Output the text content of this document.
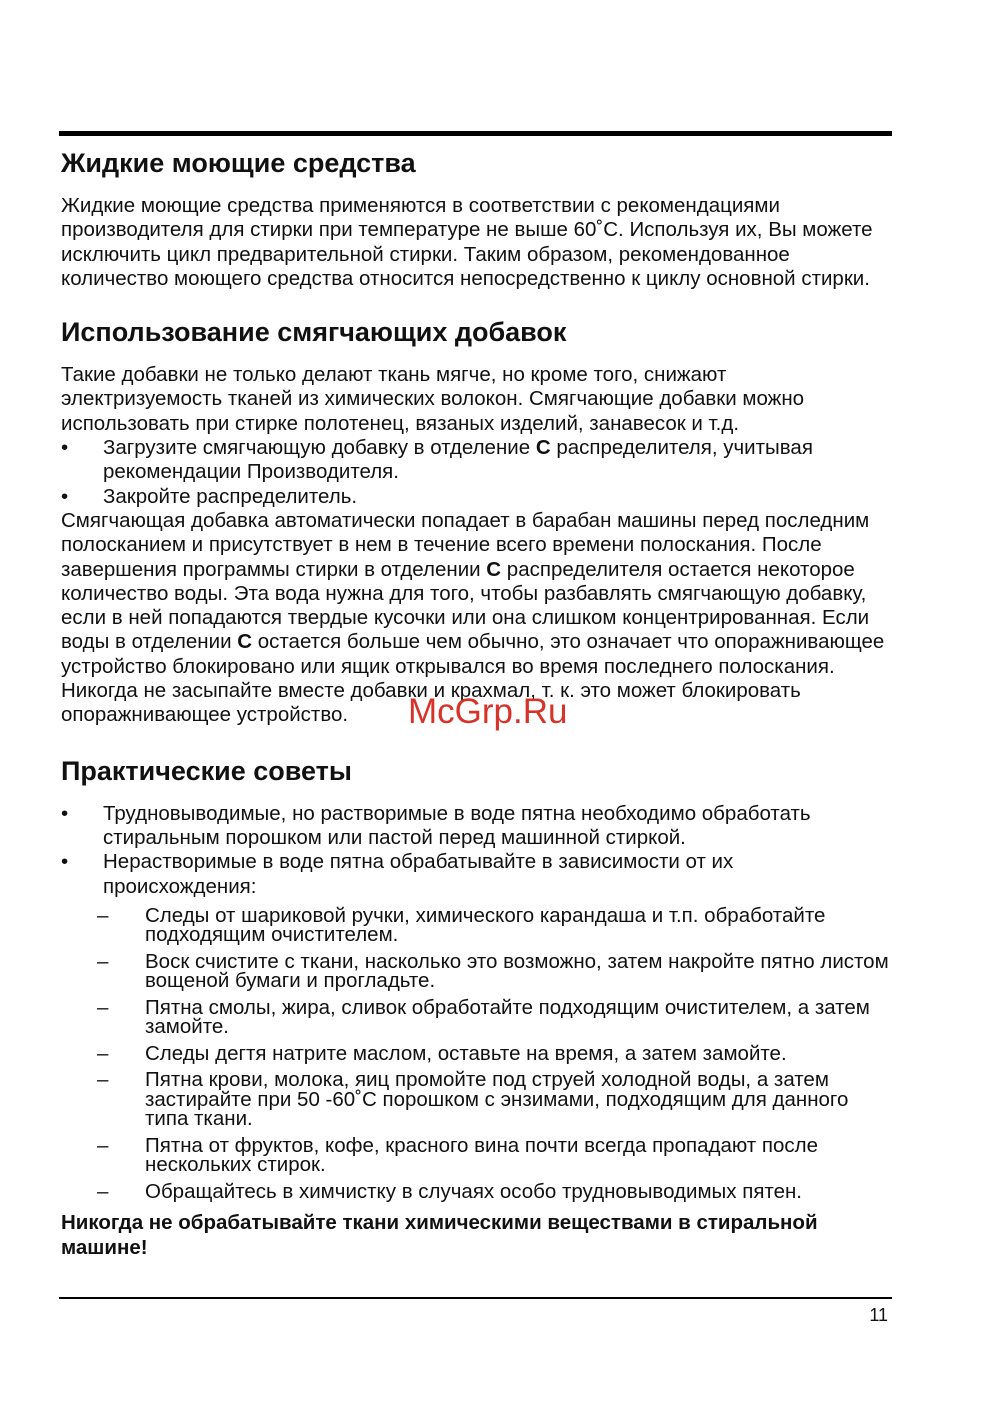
Жидкие моющие средства

Жидкие моющие средства применяются в соответствии с рекомендациями производителя для стирки при температуре не выше 60˚С. Используя их, Вы можете исключить цикл предварительной стирки. Таким образом, рекомендованное количество моющего средства относится непосредственно к циклу основной стирки.

Использование смягчающих добавок

Такие добавки не только делают ткань мягче, но кроме того, снижают электризуемость тканей из химических волокон. Смягчающие добавки можно использовать при стирке полотенец, вязаных изделий, занавесок и т.д.

•	Загрузите смягчающую добавку в отделение С распределителя, учитывая рекомендации Производителя.
•	Закройте распределитель.

Смягчающая добавка автоматически попадает в барабан машины перед последним полосканием и присутствует в нем в течение всего времени полоскания. После завершения программы стирки в отделении С распределителя остается некоторое количество воды. Эта вода нужна для того, чтобы разбавлять смягчающую добавку, если в ней попадаются твердые кусочки или она слишком концентрированная. Если воды в отделении С остается больше чем обычно, это означает что опоражнивающее устройство блокировано или ящик открывался во время последнего полоскания. Никогда не засыпайте вместе добавки и крахмал, т. к. это может блокировать опоражнивающее устройство.

Практические советы
•	Трудновыводимые, но растворимые в воде пятна необходимо обработать стиральным порошком или пастой перед машинной стиркой.
•	Нерастворимые в воде пятна обрабатывайте в зависимости от их происхождения:
– Следы от шариковой ручки, химического карандаша и т.п. обработайте подходящим очистителем.
– Воск счистите с ткани, насколько это возможно, затем накройте пятно листом вощеной бумаги и прогладьте.
– Пятна смолы, жира, сливок обработайте подходящим очистителем, а затем замойте.
– Следы дегтя натрите маслом, оставьте на время, а затем замойте.
– Пятна крови, молока, яиц промойте под струей холодной воды, а затем застирайте при 50 -60˚С порошком с энзимами, подходящим для данного типа ткани.
– Пятна от фруктов, кофе, красного вина почти всегда пропадают после нескольких стирок.
– Обращайтесь в химчистку в случаях особо трудновыводимых пятен.
Никогда не обрабатывайте ткани химическими веществами в стиральной машине!
McGrp.Ru
11
